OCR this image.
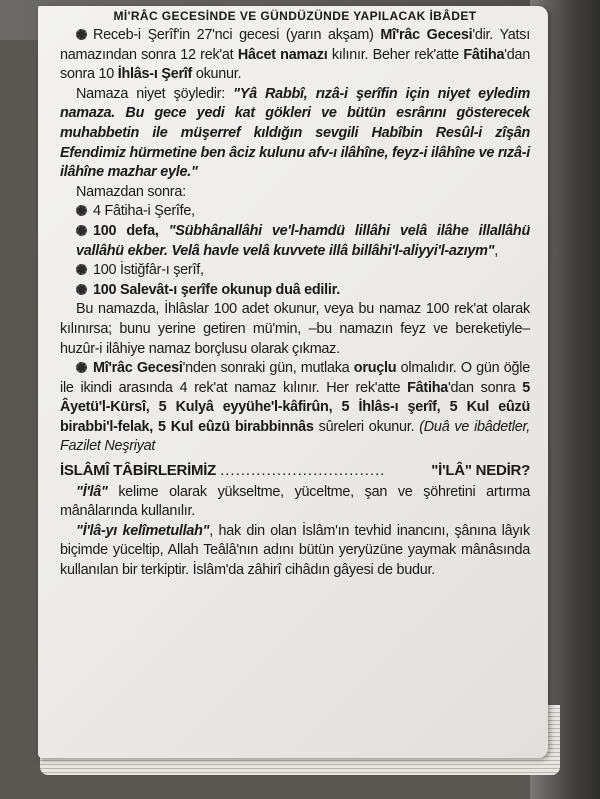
Mİ'RÂC GECESİNDE VE GÜNDÜZÜNDE YAPILACAK İBÂDET

Receb-i Şerîf'in 27'nci gecesi (yarın akşam) Mî'râc Gecesi'dir. Yatsı namazından sonra 12 rek'at Hâcet namazı kılınır. Beher rek'atte Fâtiha'dan sonra 10 İhlâs-ı Şerîf okunur.

Namaza niyet şöyledir: "Yâ Rabbî, rızâ-i şerîfin için niyet eyledim namaza. Bu gece yedi kat gökleri ve bütün esrârını gösterecek muhabbetin ile müşerref kıldığın sevgili Habîbin Resûl-i zîşân Efendimiz hürmetine ben âciz kulunu afv-ı ilâhîne, feyz-i ilâhîne ve rızâ-i ilâhîne mazhar eyle."

Namazdan sonra:

4 Fâtiha-i Şerîfe,

100 defa, "Sübhânallâhi ve'l-hamdü lillâhi velâ ilâhe illallâhü vallâhü ekber. Velâ havle velâ kuvvete illâ billâhi'l-aliyyi'l-azıym",

100 İstiğfâr-ı şerîf,

100 Salevât-ı şerîfe okunup duâ edilir.

Bu namazda, İhlâslar 100 adet okunur, veya bu namaz 100 rek'at olarak kılınırsa; bunu yerine getiren mü'min, –bu namazın feyz ve bereketiyle– huzûr-i ilâhiye namaz borçlusu olarak çıkmaz.

Mî'râc Gecesi'nden sonraki gün, mutlaka oruçlu olmalıdır. O gün öğle ile ikindi arasında 4 rek'at namaz kılınır. Her rek'atte Fâtiha'dan sonra 5 Âyetü'l-Kürsî, 5 Kulyâ eyyühe'l-kâfirûn, 5 İhlâs-ı şerîf, 5 Kul eûzü birabbi'l-felak, 5 Kul eûzü birabbinnâs sûreleri okunur. (Duâ ve ibâdetler, Fazilet Neşriyat

İSLÂMÎ TÂBİRLERİMİZ ................................	"İ'LÂ" NEDİR?

"İ'lâ" kelime olarak yükseltme, yüceltme, şan ve şöhretini artırma mânâlarında kullanılır.

"İ'lâ-yı kelîmetullah", hak din olan İslâm'ın tevhid inancını, şânına lâyık biçimde yüceltip, Allah Teâlâ'nın adını bütün yeryüzüne yaymak mânâsında kullanılan bir terkiptir. İslâm'da zâhirî cihâdın gâyesi de budur.
